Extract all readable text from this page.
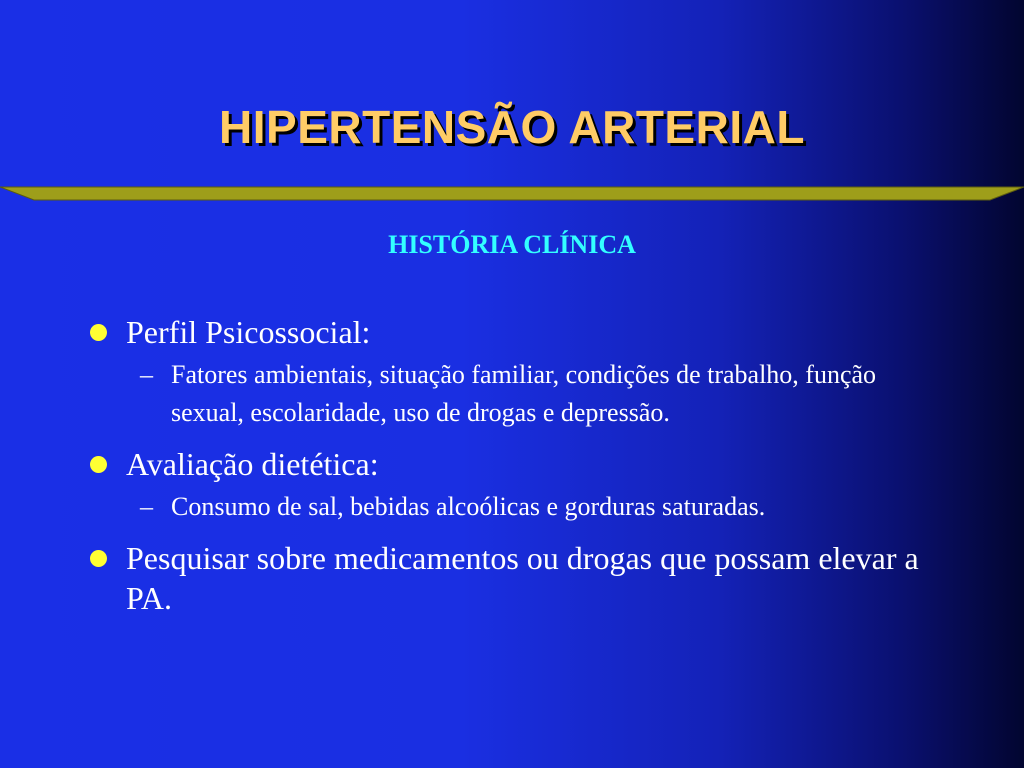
HIPERTENSÃO ARTERIAL
HISTÓRIA CLÍNICA
Perfil Psicossocial:
– Fatores ambientais, situação familiar, condições de trabalho, função sexual, escolaridade, uso de drogas e depressão.
Avaliação dietética:
– Consumo de sal, bebidas alcoólicas e gorduras saturadas.
Pesquisar sobre medicamentos ou drogas que possam elevar a PA.
